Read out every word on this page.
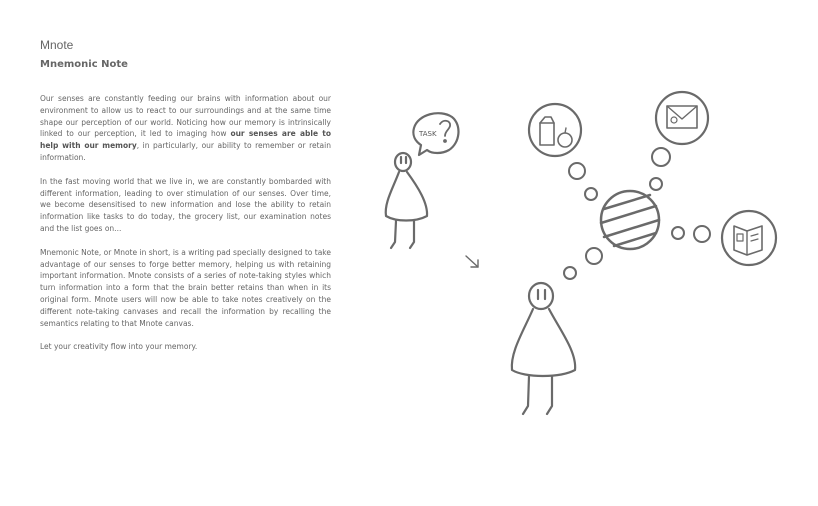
Mnote
Mnemonic Note

Our senses are constantly feeding our brains with information about our environment to allow us to react to our surroundings and at the same time shape our perception of our world. Noticing how our memory is intrinsically linked to our perception, it led to imaging how our senses are able to help with our memory, in particularly, our ability to remember or retain information.

In the fast moving world that we live in, we are constantly bombarded with different information, leading to over stimulation of our senses. Over time, we become desensitised to new information and lose the ability to retain information like tasks to do today, the grocery list, our examination notes and the list goes on...

Mnemonic Note, or Mnote in short, is a writing pad specially designed to take advantage of our senses to forge better memory, helping us with retaining important information. Mnote consists of a series of note-taking styles which turn information into a form that the brain better retains than when in its original form. Mnote users will now be able to take notes creatively on the different note-taking canvases and recall the information by recalling the semantics relating to that Mnote canvas.

Let your creativity flow into your memory.

TASK
